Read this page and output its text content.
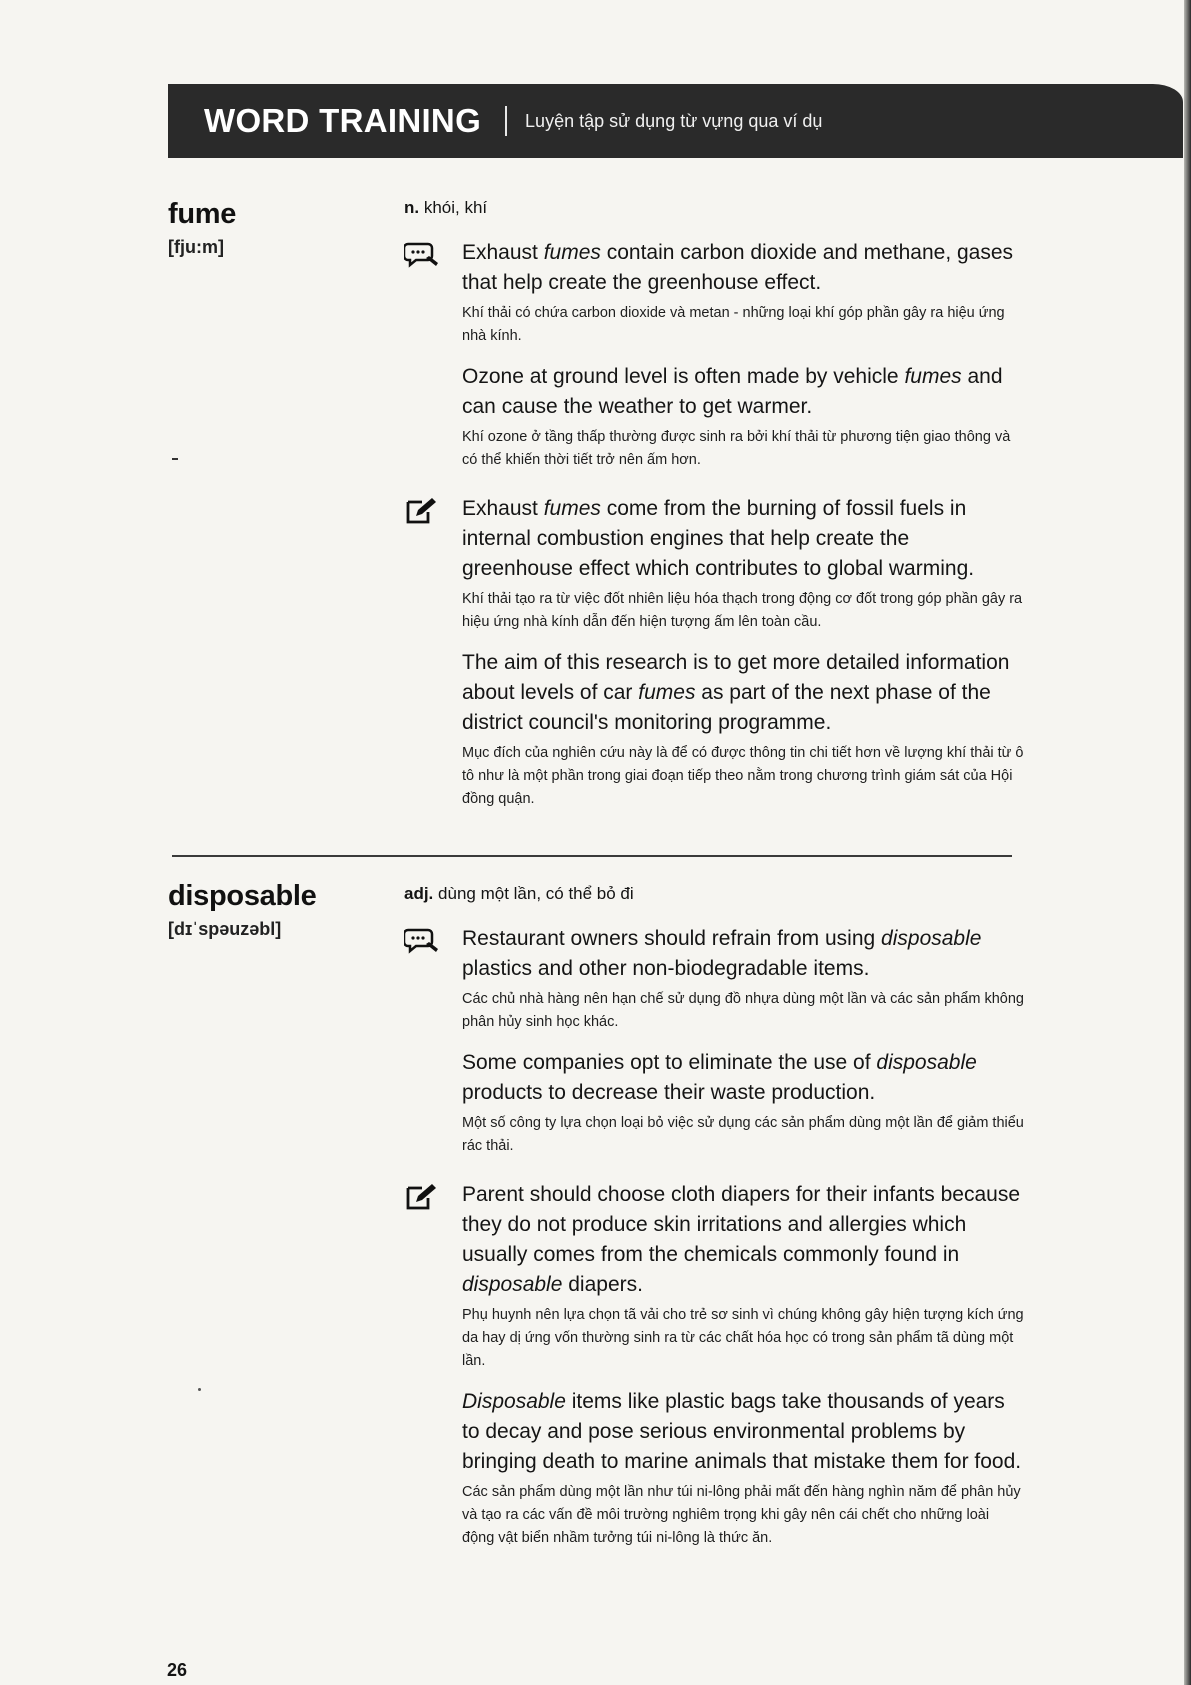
WORD TRAINING Luyện tập sử dụng từ vựng qua ví dụ
fume
[fju:m]
n. khói, khí
Exhaust fumes contain carbon dioxide and methane, gases that help create the greenhouse effect.
Khí thải có chứa carbon dioxide và metan - những loại khí góp phần gây ra hiệu ứng nhà kính.
Ozone at ground level is often made by vehicle fumes and can cause the weather to get warmer.
Khí ozone ở tầng thấp thường được sinh ra bởi khí thải từ phương tiện giao thông và có thể khiến thời tiết trở nên ấm hơn.
Exhaust fumes come from the burning of fossil fuels in internal combustion engines that help create the greenhouse effect which contributes to global warming.
Khí thải tạo ra từ việc đốt nhiên liệu hóa thạch trong động cơ đốt trong góp phần gây ra hiệu ứng nhà kính dẫn đến hiện tượng ấm lên toàn cầu.
The aim of this research is to get more detailed information about levels of car fumes as part of the next phase of the district council's monitoring programme.
Mục đích của nghiên cứu này là để có được thông tin chi tiết hơn về lượng khí thải từ ô tô như là một phần trong giai đoạn tiếp theo nằm trong chương trình giám sát của Hội đồng quận.
disposable
[dɪˈspəuzəbl]
adj. dùng một lần, có thể bỏ đi
Restaurant owners should refrain from using disposable plastics and other non-biodegradable items.
Các chủ nhà hàng nên hạn chế sử dụng đồ nhựa dùng một lần và các sản phẩm không phân hủy sinh học khác.
Some companies opt to eliminate the use of disposable products to decrease their waste production.
Một số công ty lựa chọn loại bỏ việc sử dụng các sản phẩm dùng một lần để giảm thiểu rác thải.
Parent should choose cloth diapers for their infants because they do not produce skin irritations and allergies which usually comes from the chemicals commonly found in disposable diapers.
Phụ huynh nên lựa chọn tã vải cho trẻ sơ sinh vì chúng không gây hiện tượng kích ứng da hay dị ứng vốn thường sinh ra từ các chất hóa học có trong sản phẩm tã dùng một lần.
Disposable items like plastic bags take thousands of years to decay and pose serious environmental problems by bringing death to marine animals that mistake them for food.
Các sản phẩm dùng một lần như túi ni-lông phải mất đến hàng nghìn năm để phân hủy và tạo ra các vấn đề môi trường nghiêm trọng khi gây nên cái chết cho những loài động vật biển nhầm tưởng túi ni-lông là thức ăn.
26
